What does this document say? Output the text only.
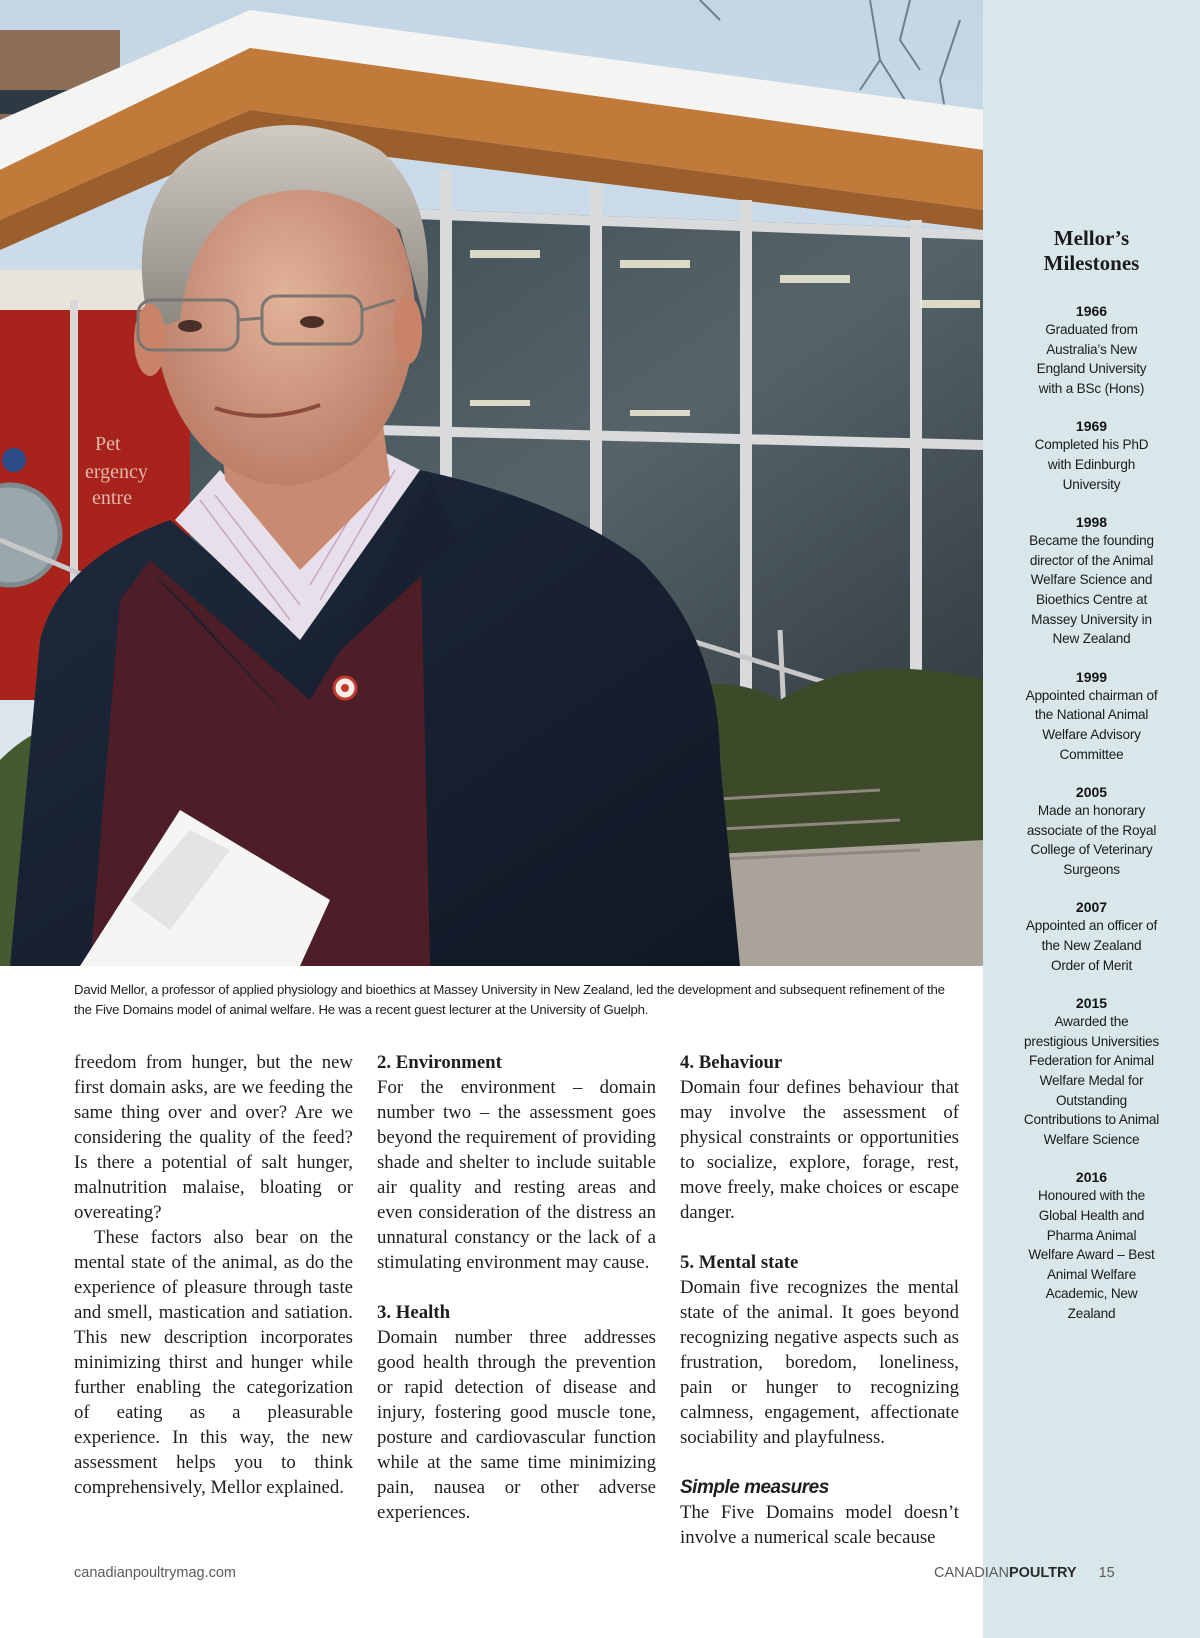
Pet
ergency
entre
David Mellor, a professor of applied physiology and bioethics at Massey University in New Zealand, led the development and subsequent refinement of the the Five Domains model of animal welfare. He was a recent guest lecturer at the University of Guelph.
Mellor’s
Milestones
1966
Graduated from Australia’s New England University with a BSc (Hons)
1969
Completed his PhD with Edinburgh University
1998
Became the founding director of the Animal Welfare Science and Bioethics Centre at Massey University in New Zealand
1999
Appointed chairman of the National Animal Welfare Advisory Committee
2005
Made an honorary associate of the Royal College of Veterinary Surgeons
2007
Appointed an officer of the New Zealand Order of Merit
2015
Awarded the prestigious Universities Federation for Animal Welfare Medal for Outstanding Contributions to Animal Welfare Science
2016
Honoured with the Global Health and Pharma Animal Welfare Award – Best Animal Welfare Academic, New Zealand

freedom from hunger, but the new first domain asks, are we feeding the same thing over and over? Are we considering the quality of the feed? Is there a potential of salt hunger, malnutrition malaise, bloating or overeating?

These factors also bear on the mental state of the animal, as do the experience of pleasure through taste and smell, mastication and satiation. This new description incorporates minimizing thirst and hunger while further enabling the categorization of eating as a pleasurable experience. In this way, the new assessment helps you to think comprehensively, Mellor explained.

2. Environment

For the environment – domain number two – the assessment goes beyond the requirement of providing shade and shelter to include suitable air quality and resting areas and even consideration of the distress an unnatural constancy or the lack of a stimulating environment may cause.

3. Health

Domain number three addresses good health through the prevention or rapid detection of disease and injury, fostering good muscle tone, posture and cardiovascular function while at the same time minimizing pain, nausea or other adverse experiences.

4. Behaviour

Domain four defines behaviour that may involve the assessment of physical constraints or opportunities to socialize, explore, forage, rest, move freely, make choices or escape danger.

5. Mental state

Domain five recognizes the mental state of the animal. It goes beyond recognizing negative aspects such as frustration, boredom, loneliness, pain or hunger to recognizing calmness, engagement, affectionate sociability and playfulness.

Simple measures

The Five Domains model doesn’t involve a numerical scale because

canadianpoultrymag.com	CANADIANPOULTRY 15
